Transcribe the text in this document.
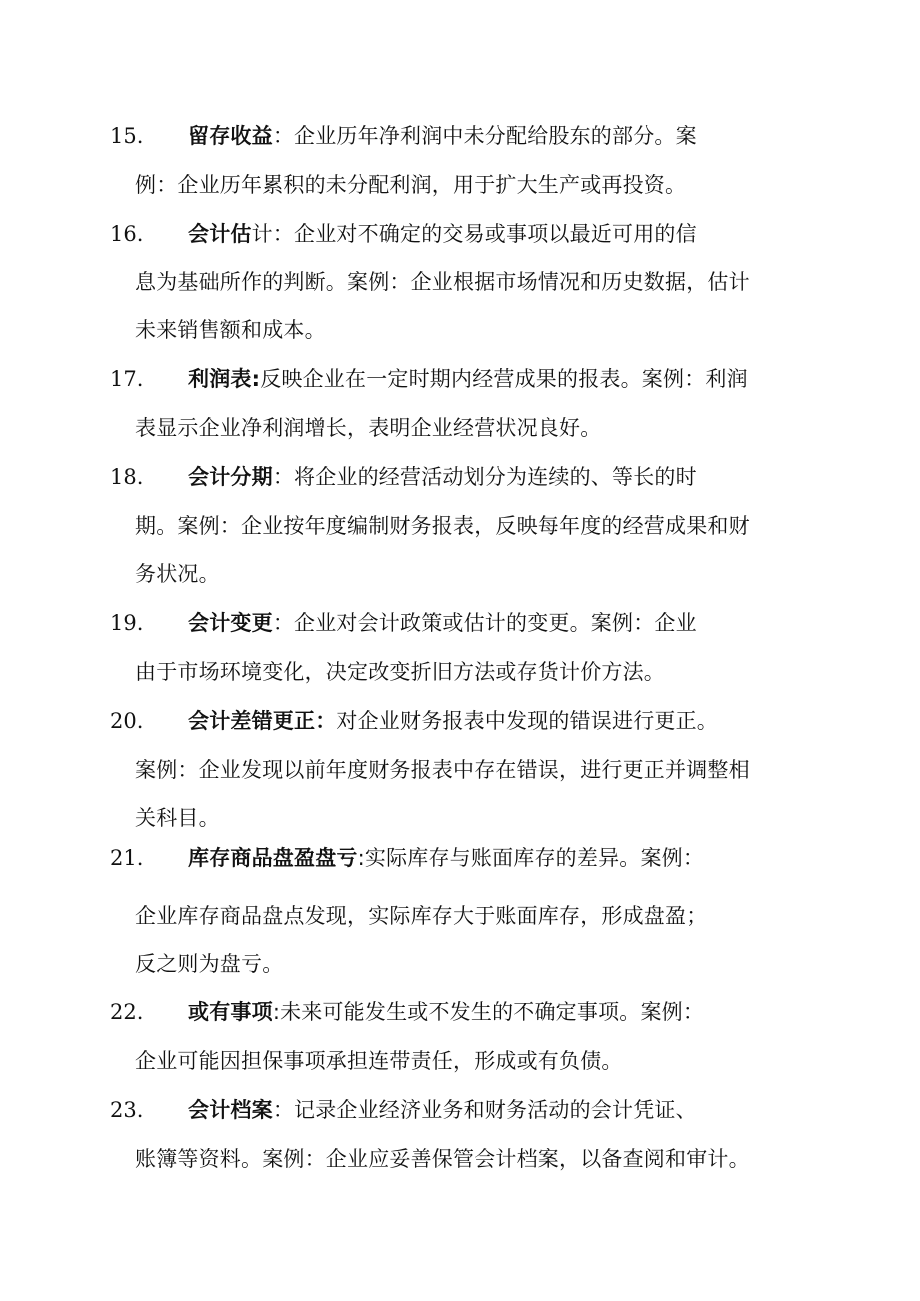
15. 留存收益：企业历年净利润中未分配给股东的部分。案
例：企业历年累积的未分配利润，用于扩大生产或再投资。
16. 会计估计：企业对不确定的交易或事项以最近可用的信
息为基础所作的判断。案例：企业根据市场情况和历史数据，估计
未来销售额和成本。
17. 利润表:反映企业在一定时期内经营成果的报表。案例：利润
表显示企业净利润增长，表明企业经营状况良好。
18. 会计分期：将企业的经营活动划分为连续的、等长的时
期。案例：企业按年度编制财务报表，反映每年度的经营成果和财
务状况。
19. 会计变更：企业对会计政策或估计的变更。案例：企业
由于市场环境变化，决定改变折旧方法或存货计价方法。
20. 会计差错更正：对企业财务报表中发现的错误进行更正。
案例：企业发现以前年度财务报表中存在错误，进行更正并调整相
关科目。
21. 库存商品盘盈盘亏:实际库存与账面库存的差异。案例：
企业库存商品盘点发现，实际库存大于账面库存，形成盘盈；
反之则为盘亏。
22. 或有事项:未来可能发生或不发生的不确定事项。案例：
企业可能因担保事项承担连带责任，形成或有负债。
23. 会计档案：记录企业经济业务和财务活动的会计凭证、
账簿等资料。案例：企业应妥善保管会计档案，以备查阅和审计。
